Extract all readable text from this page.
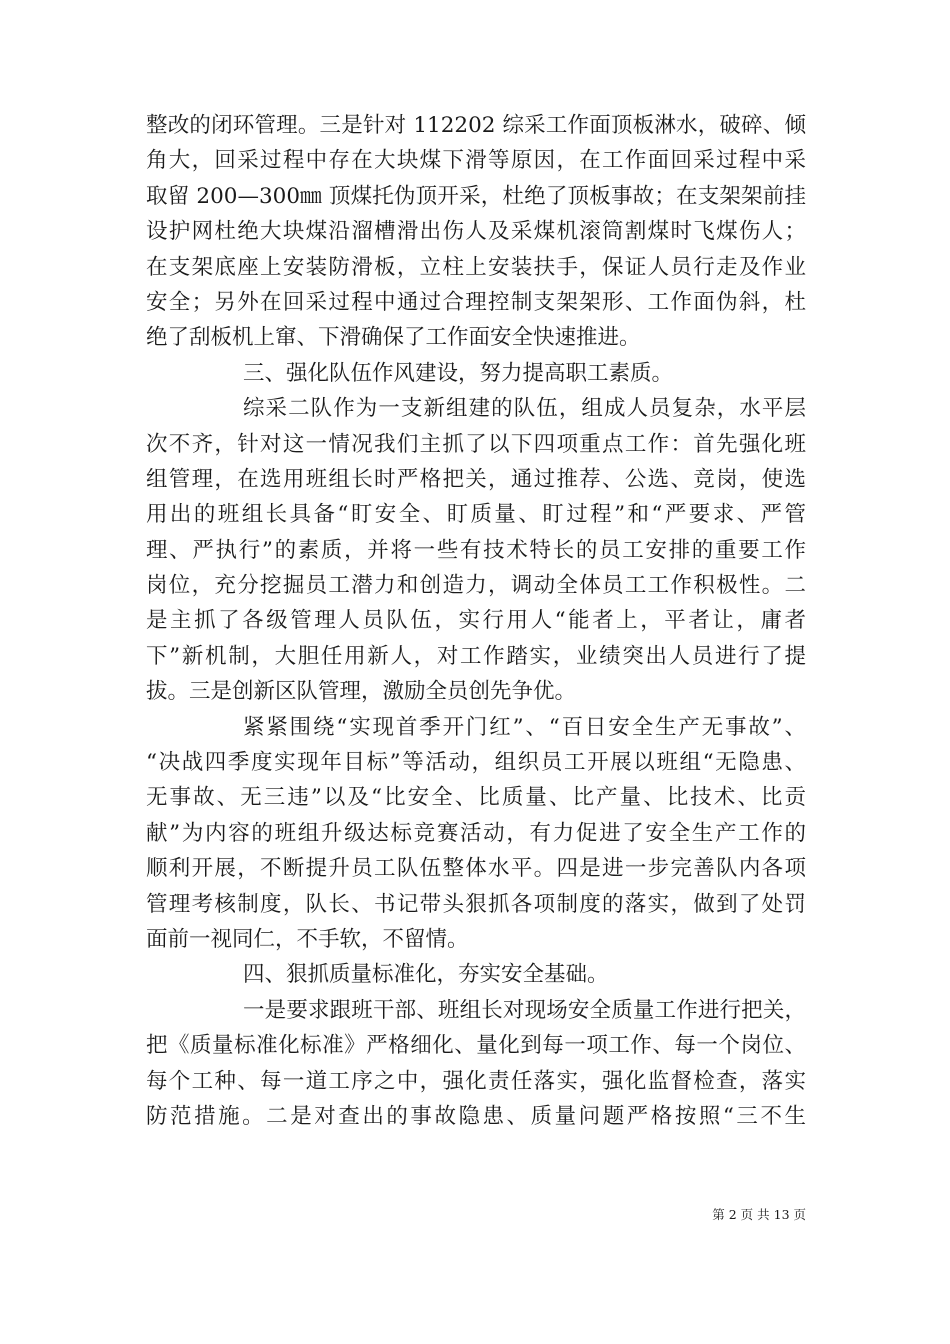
整改的闭环管理。三是针对 112202 综采工作面顶板淋水，破碎、倾
角大，回采过程中存在大块煤下滑等原因，在工作面回采过程中采
取留 200—300㎜ 顶煤托伪顶开采，杜绝了顶板事故；在支架架前挂
设护网杜绝大块煤沿溜槽滑出伤人及采煤机滚筒割煤时飞煤伤人；
在支架底座上安装防滑板，立柱上安装扶手，保证人员行走及作业
安全；另外在回采过程中通过合理控制支架架形、工作面伪斜，杜
绝了刮板机上窜、下滑确保了工作面安全快速推进。
三、强化队伍作风建设，努力提高职工素质。
综采二队作为一支新组建的队伍，组成人员复杂，水平层
次不齐，针对这一情况我们主抓了以下四项重点工作：首先强化班
组管理，在选用班组长时严格把关，通过推荐、公选、竞岗，使选
用出的班组长具备“盯安全、盯质量、盯过程”和“严要求、严管
理、严执行”的素质，并将一些有技术特长的员工安排的重要工作
岗位，充分挖掘员工潜力和创造力，调动全体员工工作积极性。二
是主抓了各级管理人员队伍，实行用人“能者上，平者让，庸者
下”新机制，大胆任用新人，对工作踏实，业绩突出人员进行了提
拔。三是创新区队管理，激励全员创先争优。
紧紧围绕“实现首季开门红”、“百日安全生产无事故”、
“决战四季度实现年目标”等活动，组织员工开展以班组“无隐患、
无事故、无三违”以及“比安全、比质量、比产量、比技术、比贡
献”为内容的班组升级达标竞赛活动，有力促进了安全生产工作的
顺利开展，不断提升员工队伍整体水平。四是进一步完善队内各项
管理考核制度，队长、书记带头狠抓各项制度的落实，做到了处罚
面前一视同仁，不手软，不留情。
四、狠抓质量标准化，夯实安全基础。
一是要求跟班干部、班组长对现场安全质量工作进行把关，
把《质量标准化标准》严格细化、量化到每一项工作、每一个岗位、
每个工种、每一道工序之中，强化责任落实，强化监督检查，落实
防范措施。二是对查出的事故隐患、质量问题严格按照“三不生
第 2 页 共 13 页
